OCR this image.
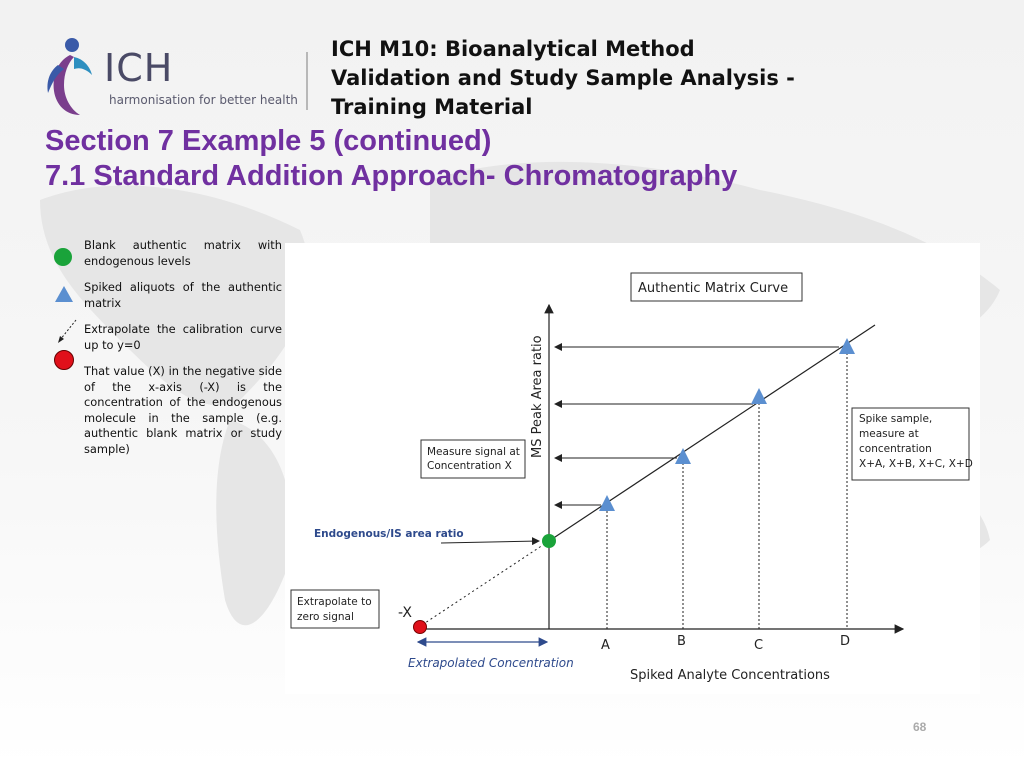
ICH
harmonisation for better health
ICH M10: Bioanalytical Method
Validation and Study Sample Analysis -
Training Material
Section 7 Example 5 (continued)
7.1 Standard Addition Approach- Chromatography
Blank authentic matrix with endogenous levels
Spiked aliquots of the authentic matrix
Extrapolate the calibration curve up to y=0
That value (X) in the negative side of the x-axis (-X) is the concentration of the endogenous molecule in the sample (e.g. authentic blank matrix or study sample)
Endogenous/IS area ratio
Authentic Matrix Curve
MS Peak Area ratio
Measure signal at
Concentration X
Spike sample,
measure at
concentration
X+A, X+B, X+C, X+D
Extrapolate to
zero signal	-X
A	B	C	D
Extrapolated Concentration
Spiked Analyte Concentrations
68
